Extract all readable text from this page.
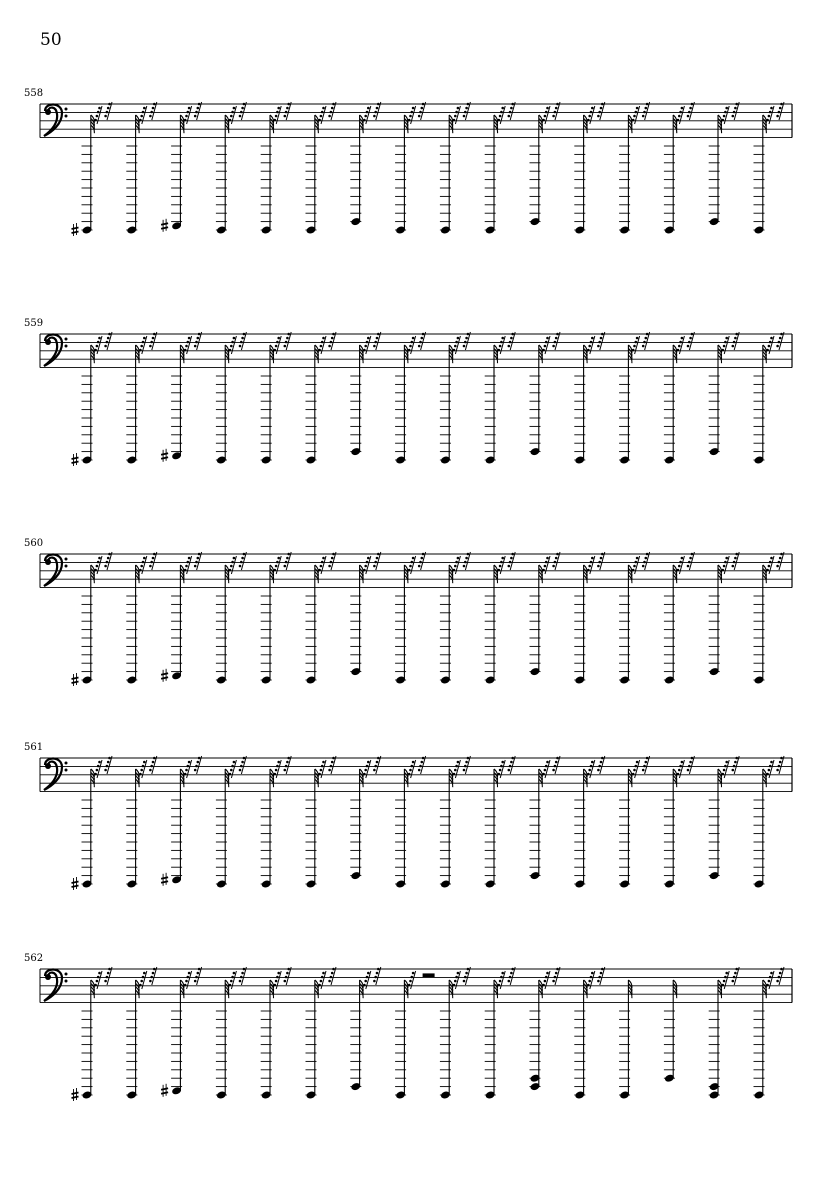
50
558
559
560
561
562
